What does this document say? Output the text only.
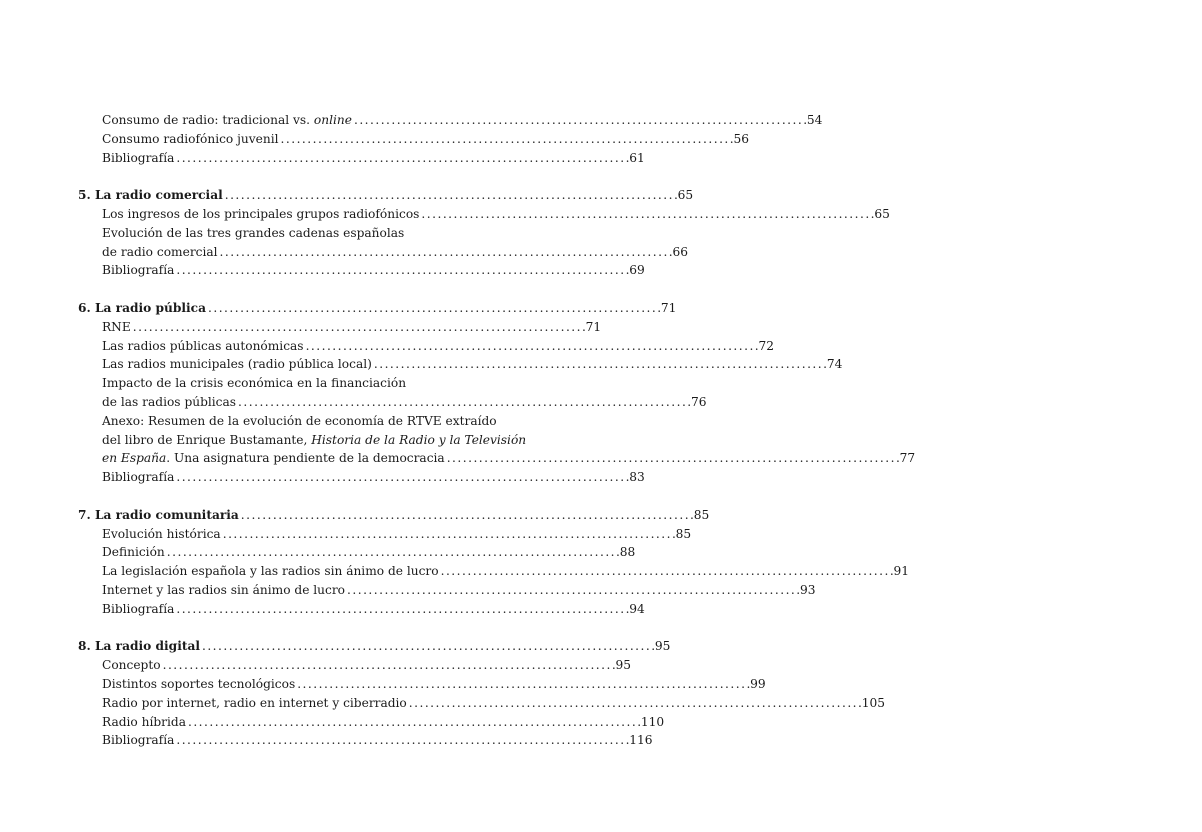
Consumo de radio: tradicional vs. online . . .	54
Consumo radiofónico juvenil . . .	56
Bibliografía . . .	61
5. La radio comercial . . .	65
Los ingresos de los principales grupos radiofónicos . . .	65
Evolución de las tres grandes cadenas españolas
de radio comercial . . .	66
Bibliografía . . .	69
6. La radio pública . . .	71
RNE . . .	71
Las radios públicas autonómicas . . .	72
Las radios municipales (radio pública local) . . .	74
Impacto de la crisis económica en la financiación
de las radios públicas . . .	76
Anexo: Resumen de la evolución de economía de RTVE extraído
del libro de Enrique Bustamante, Historia de la Radio y la Televisión
en España. Una asignatura pendiente de la democracia . . .	77
Bibliografía . . .	83
7. La radio comunitaria . . .	85
Evolución histórica . . .	85
Definición . . .	88
La legislación española y las radios sin ánimo de lucro . . .	91
Internet y las radios sin ánimo de lucro . . .	93
Bibliografía . . .	94
8. La radio digital . . .	95
Concepto . . .	95
Distintos soportes tecnológicos . . .	99
Radio por internet, radio en internet y ciberradio . . .	105
Radio híbrida . . .	110
Bibliografía . . .	116
